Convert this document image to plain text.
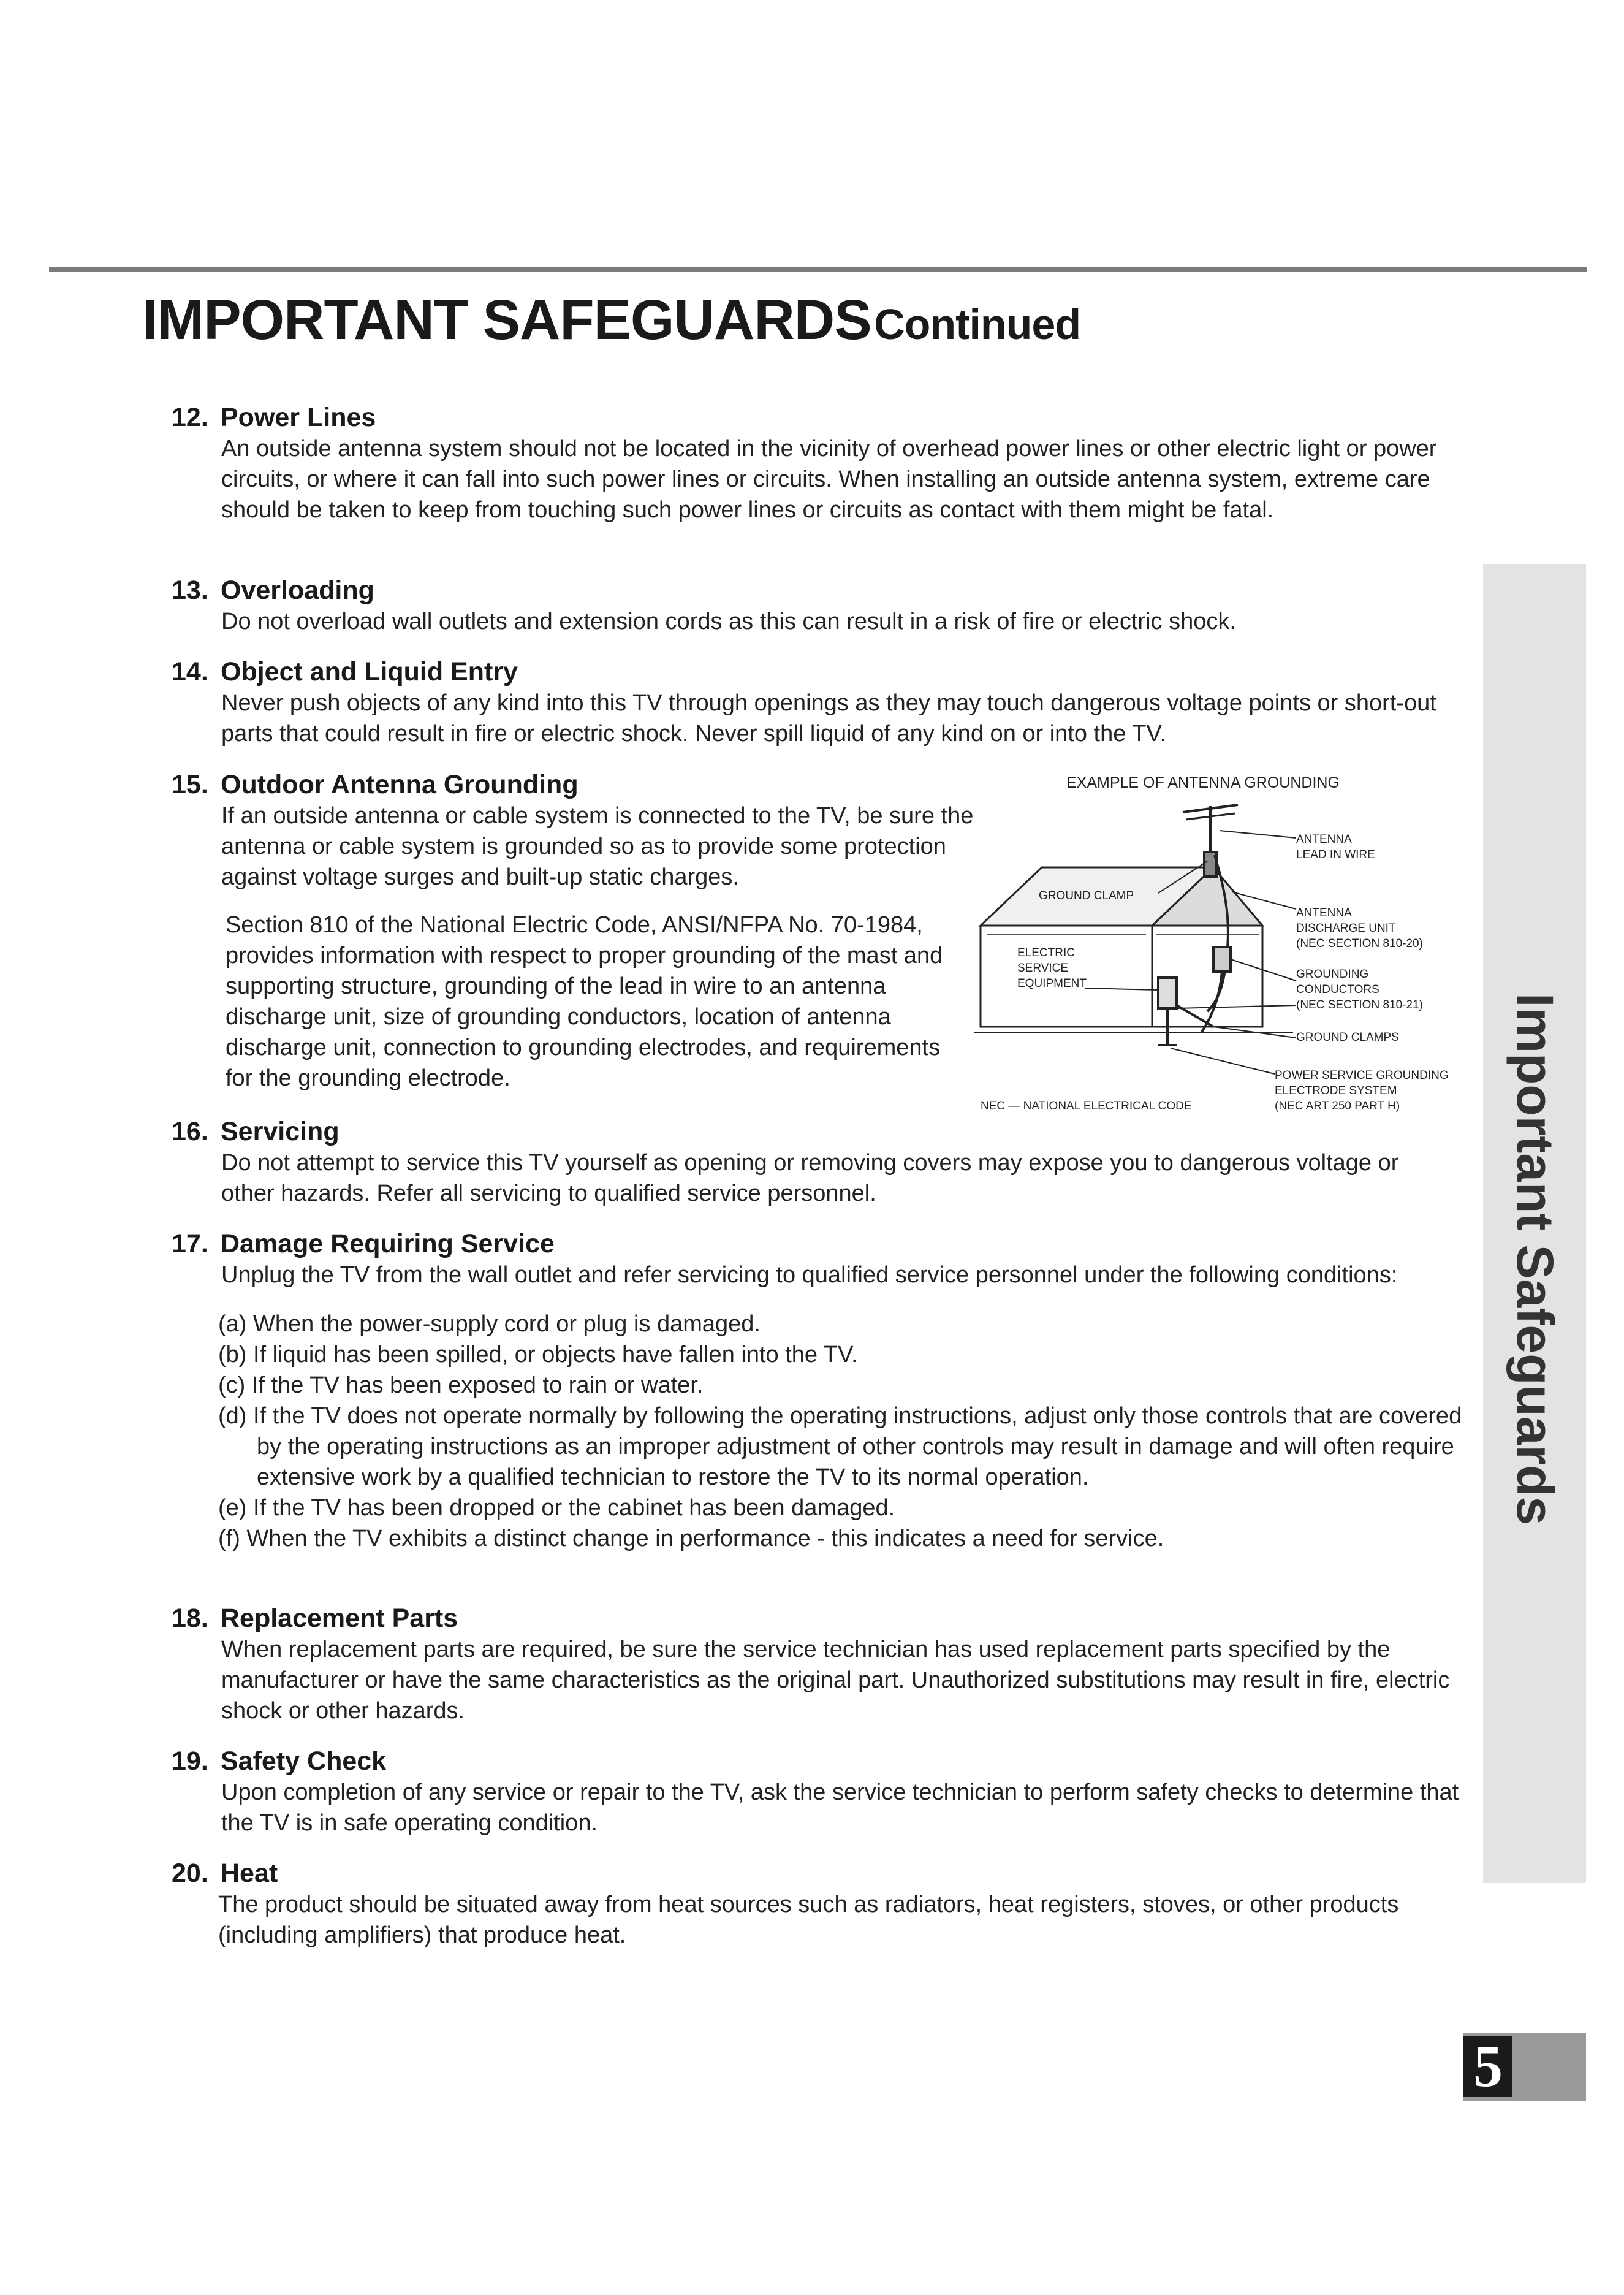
IMPORTANT SAFEGUARDS Continued
12. Power Lines

An outside antenna system should not be located in the vicinity of overhead power lines or other electric light or power circuits, or where it can fall into such power lines or circuits. When installing an outside antenna system, extreme care should be taken to keep from touching such power lines or circuits as contact with them might be fatal.

13. Overloading

Do not overload wall outlets and extension cords as this can result in a risk of fire or electric shock.

14. Object and Liquid Entry

Never push objects of any kind into this TV through openings as they may touch dangerous voltage points or short-out parts that could result in fire or electric shock. Never spill liquid of any kind on or into the TV.

15. Outdoor Antenna Grounding

If an outside antenna or cable system is connected to the TV, be sure the antenna or cable system is grounded so as to provide some protection against voltage surges and built-up static charges.

Section 810 of the National Electric Code, ANSI/NFPA No. 70-1984, provides information with respect to proper grounding of the mast and supporting structure, grounding of the lead in wire to an antenna discharge unit, size of grounding conductors, location of antenna discharge unit, connection to grounding electrodes, and requirements for the grounding electrode.

EXAMPLE OF ANTENNA GROUNDING
ANTENNA
LEAD IN WIRE
GROUND CLAMP
ANTENNA
DISCHARGE UNIT
(NEC SECTION 810-20)
ELECTRIC
SERVICE
EQUIPMENT
GROUNDING
CONDUCTORS
(NEC SECTION 810-21)
GROUND CLAMPS
POWER SERVICE GROUNDING
ELECTRODE SYSTEM
(NEC ART 250 PART H)
NEC — NATIONAL ELECTRICAL CODE
16. Servicing

Do not attempt to service this TV yourself as opening or removing covers may expose you to dangerous voltage or other hazards. Refer all servicing to qualified service personnel.

17. Damage Requiring Service

Unplug the TV from the wall outlet and refer servicing to qualified service personnel under the following conditions:

(a) When the power-supply cord or plug is damaged.
(b) If liquid has been spilled, or objects have fallen into the TV.
(c) If the TV has been exposed to rain or water.
(d) If the TV does not operate normally by following the operating instructions, adjust only those controls that are covered by the operating instructions as an improper adjustment of other controls may result in damage and will often require extensive work by a qualified technician to restore the TV to its normal operation.
(e) If the TV has been dropped or the cabinet has been damaged.
(f) When the TV exhibits a distinct change in performance - this indicates a need for service.
18. Replacement Parts

When replacement parts are required, be sure the service technician has used replacement parts specified by the manufacturer or have the same characteristics as the original part. Unauthorized substitutions may result in fire, electric shock or other hazards.

19. Safety Check

Upon completion of any service or repair to the TV, ask the service technician to perform safety checks to determine that the TV is in safe operating condition.

20. Heat

The product should be situated away from heat sources such as radiators, heat registers, stoves, or other products (including amplifiers) that produce heat.

Important Safeguards
5
